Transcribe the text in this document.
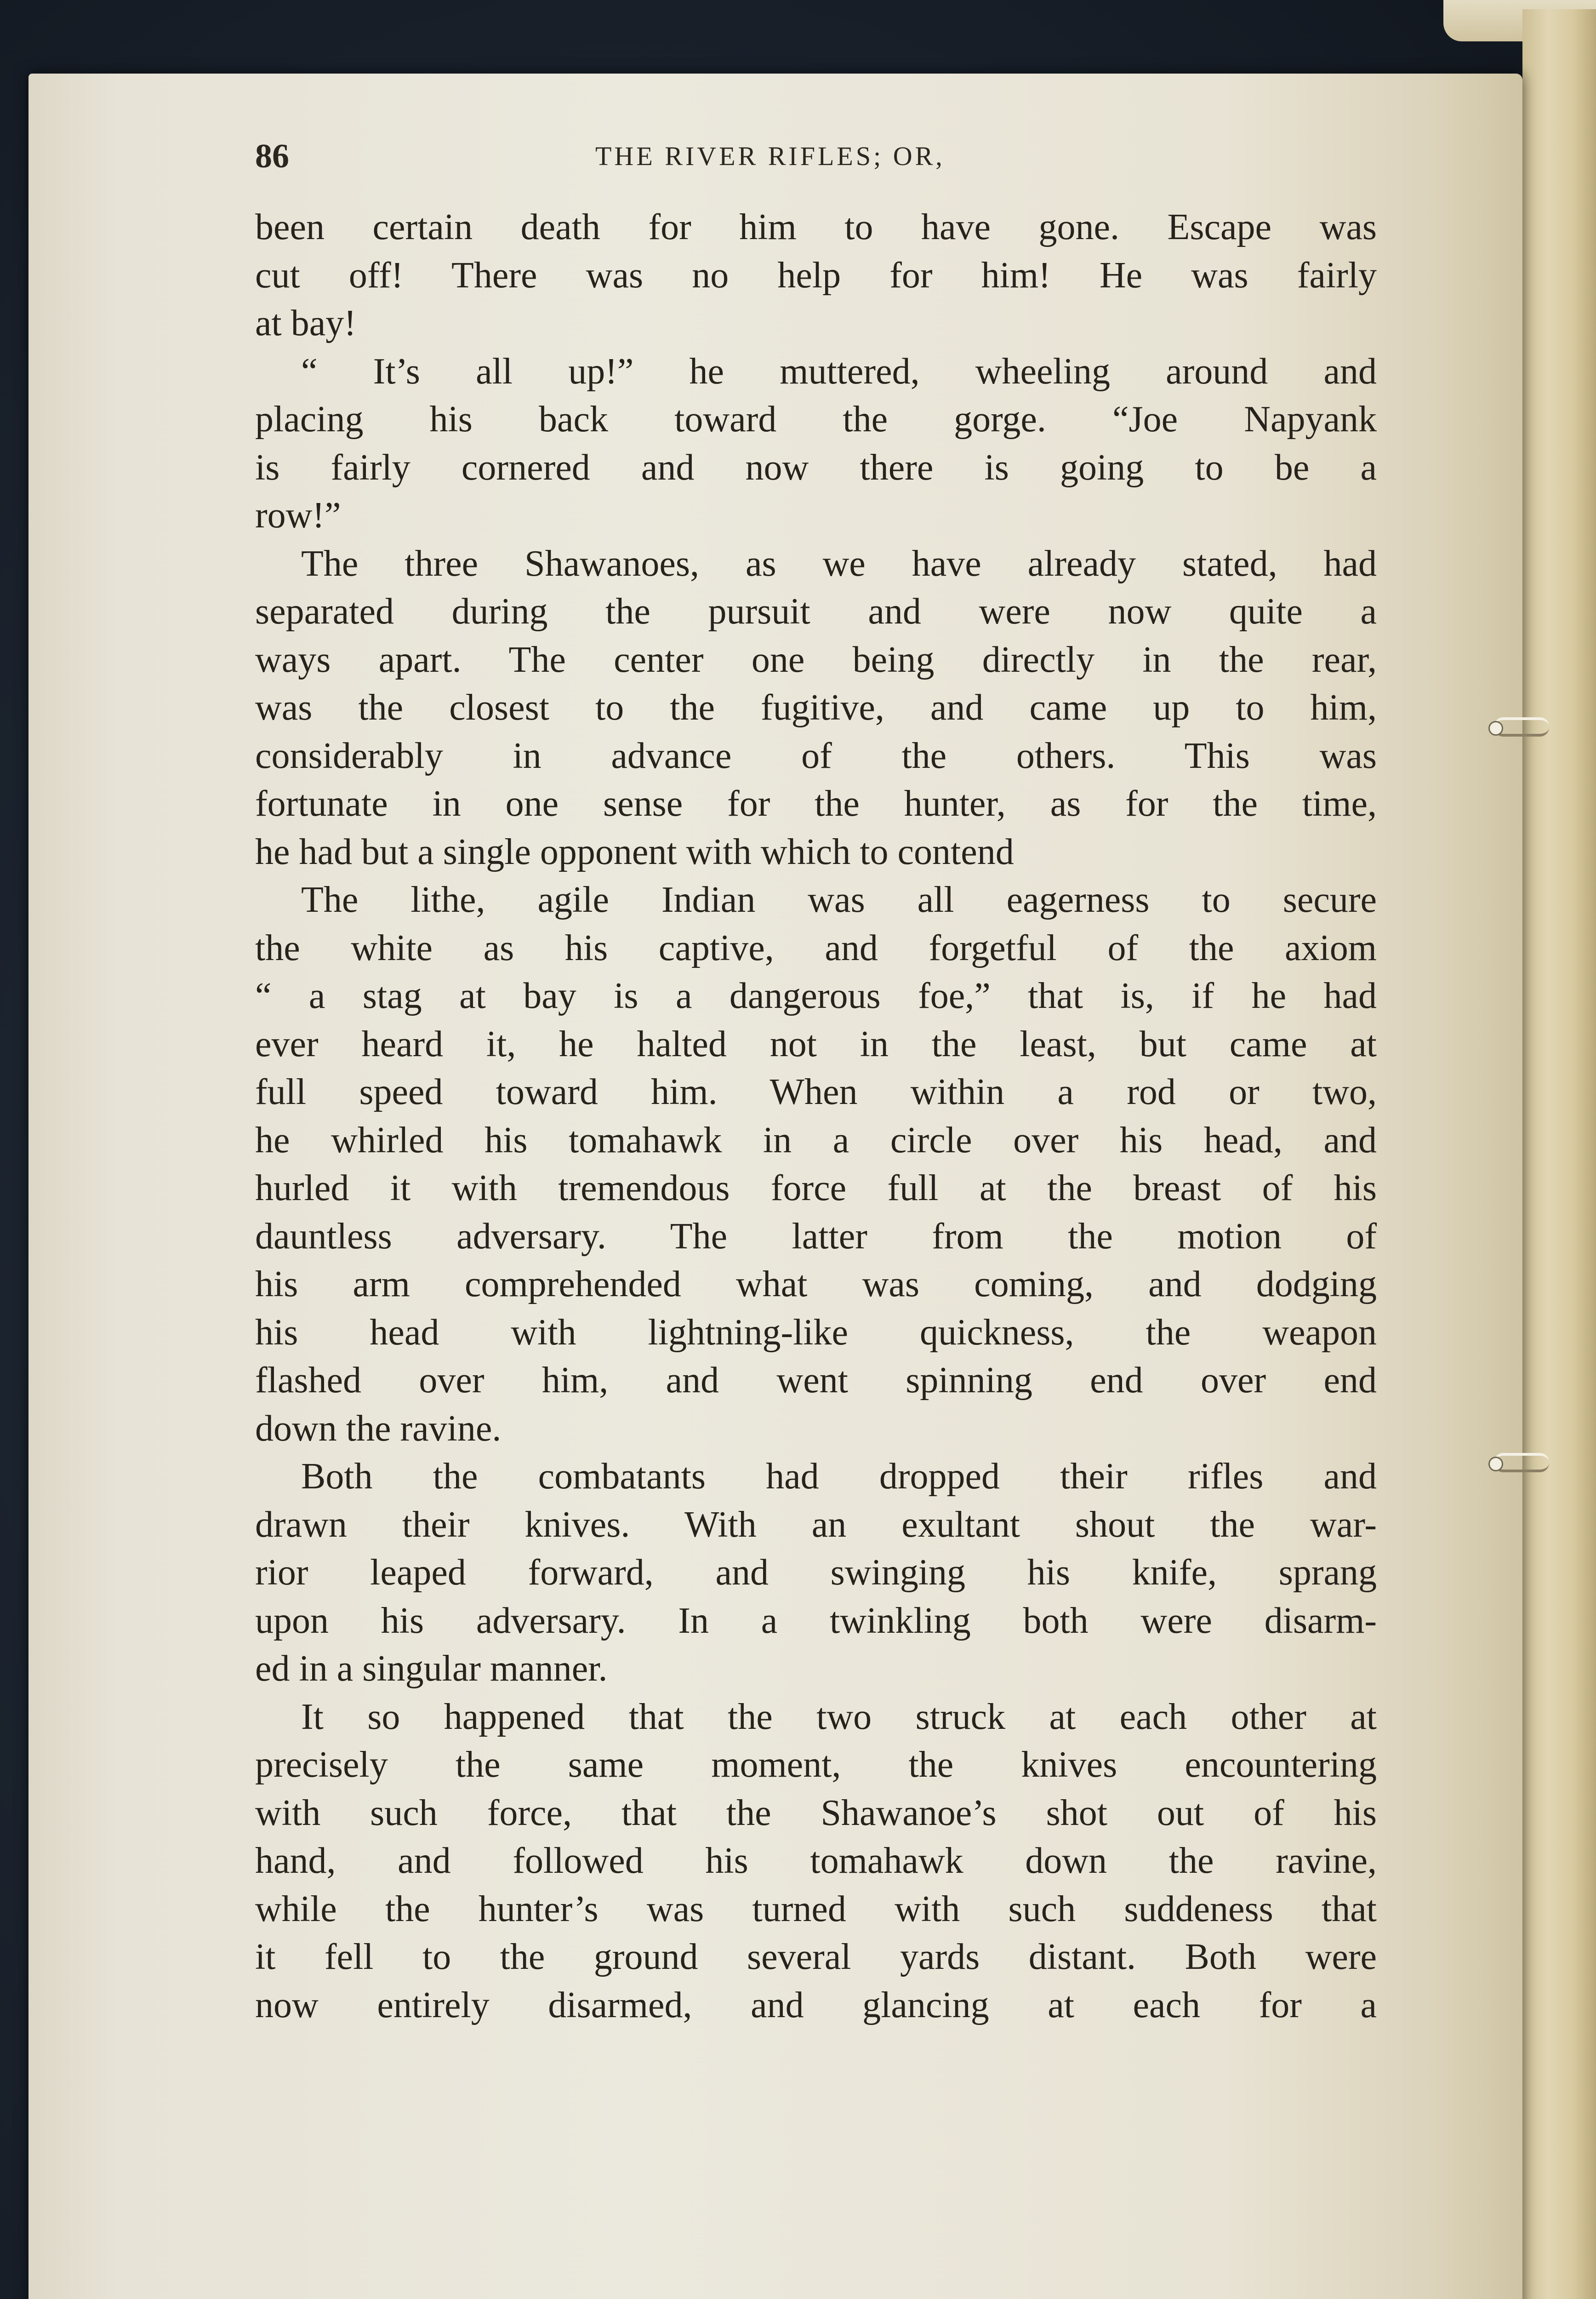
86	THE RIVER RIFLES; OR,
been certain death for him to have gone. Escape was
cut off! There was no help for him! He was fairly
at bay!
“ It’s all up!” he muttered, wheeling around and
placing his back toward the gorge. “Joe Napyank
is fairly cornered and now there is going to be a
row!”
The three Shawanoes, as we have already stated, had
separated during the pursuit and were now quite a
ways apart. The center one being directly in the rear,
was the closest to the fugitive, and came up to him,
considerably in advance of the others. This was
fortunate in one sense for the hunter, as for the time,
he had but a single opponent with which to contend
The lithe, agile Indian was all eagerness to secure
the white as his captive, and forgetful of the axiom
“ a stag at bay is a dangerous foe,” that is, if he had
ever heard it, he halted not in the least, but came at
full speed toward him. When within a rod or two,
he whirled his tomahawk in a circle over his head, and
hurled it with tremendous force full at the breast of his
dauntless adversary. The latter from the motion of
his arm comprehended what was coming, and dodging
his head with lightning-like quickness, the weapon
flashed over him, and went spinning end over end
down the ravine.
Both the combatants had dropped their rifles and
drawn their knives. With an exultant shout the war-
rior leaped forward, and swinging his knife, sprang
upon his adversary. In a twinkling both were disarm-
ed in a singular manner.
It so happened that the two struck at each other at
precisely the same moment, the knives encountering
with such force, that the Shawanoe’s shot out of his
hand, and followed his tomahawk down the ravine,
while the hunter’s was turned with such suddeness that
it fell to the ground several yards distant. Both were
now entirely disarmed, and glancing at each for a
